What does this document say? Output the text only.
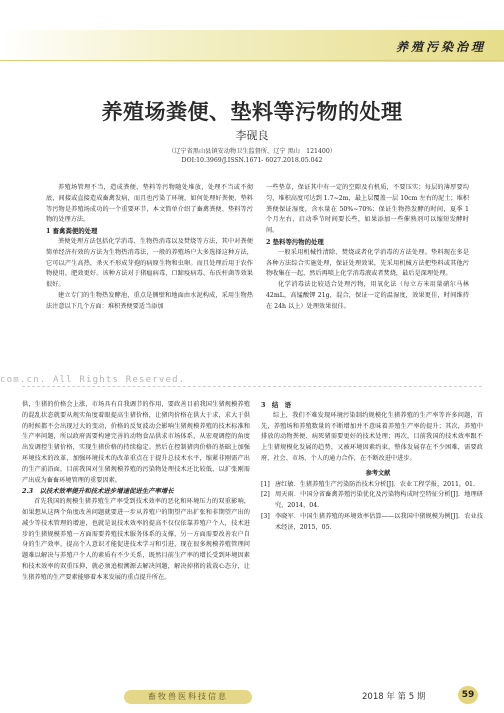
养殖污染治理
养殖场粪便、垫料等污物的处理
李砚良
（辽宁省黑山县镇安动物卫生监督所，辽宁 黑山　121400）
DOI:10.3969/J.ISSN.1671- 6027.2018.05.042

养殖场管理不当，造成粪便、垫料等污物随处堆放，处理不当或不彻底，间接或直接造成畜禽发病，而且也污染了环境，如何处理好粪便、垫料等污物是养殖场成功的一个重要环节，本文简单介绍了畜禽粪便、垫料等污物的处理方法。

1 畜禽粪便的处理

粪便处理方法包括化学消毒、生物热消毒以及焚烧等方法，其中对粪便简单经济有效的方法为生物热消毒法，一般的养殖场户大多选择这种方法，它可以产生高热，杀灭不形成芽孢的病原生物和虫卵。而且处理后用于农作物使用，肥效更好。该种方法对于猪瘟病毒、口蹄疫病毒、布氏杆菌等效果很好。

建立专门的生物热发酵池，重点是侧壁和地面由水泥构成，采用生物热法注意以下几个方面：堆积粪便要适当添加

一些垫草，保证其中有一定的空隙及有机质，不要压实；每层的薄厚要均匀，堆积高度可达到 1.7~2m，最上层覆盖一层 10cm 左右的泥土；堆积粪便保证湿度，含水量在 50%~70%；保证生物热发酵的时间，夏季 1 个月左右，启动季节时间要长些，如果添加一些催熟剂可以缩短发酵时间。

2 垫料等污物的处理

一般采用机械性清除、焚烧或者化学消毒的方法处理。垫料现在多是各种方法综合实施处理，保证处理效果，先采用机械方法把垫料或其他污物收集在一起，然后再喷上化学消毒液或者焚烧，最后是深埋处理。

化学消毒法比较适合处理污物，用氧化法（每立方米用量硝尔马林 42mL，高锰酸钾 21g，混合，保证一定的温湿度，效果更佳，时间维持在 24h 以上）处理效果很佳。

com.cn. All Rights Reserved.

供，生猪的价格会上涨，市场具有自我调节的作用，要政善目前我国生猪规模养殖的混乱状态就要从规实角度着眼提高生猪价格，让猪肉价格在供大于求，求大于供的时候都不会出现过大的变动，价格的反复波动会影响生猪规模养殖的技术标准和生产率问题，所以政府需要构建完善的动物食品供求市场体系，从宏观调控的角度出发调控生猪价格，实现生猪价格的持续稳定。然后在控制猪肉价格的基础上加强环境技术的改革，加强环境技术的改革重点在于提升总技术水平，缩紧非刚需产出的生产前沿面，目前我国对生猪规模养殖的污染物处理技术还比较低，以扩张刚需产出成为畜畜环境管理的重要因素。

2.3　以技术效率提升和技术进步增速促进生产率增长

首先我国的规模生猪养殖生产率受到技术效率的恶化和环境压力的双重影响，如果想从这两个角度改善问题就要进一步从养殖户的期望产出扩张和非期望产出的减少等技术管理的增速，也就是说技术效率的提高不仅仅依靠养殖户个人，技术进步的生猪规模养殖一方面需要养殖技术服务体系的支撑，另一方面需要改善农户自身的生产效率，提高个人意识才能促进技术学习和引进，现在很多规模养殖管理问题难以解决与养殖户个人的素质有不少关系，既然目前生产率的增长受到环境因素和技术效率的双重压抑，就必须追根溯源去解决问题，解决掉猪的栽栽心态分，让生猪养殖的生产要素能够着本来发展的重点提升所在。

3　结　语

综上，我们不难发现环境污染制约规模化生猪养殖的生产率等许多问题，首先，养殖场和养殖数量的不断增加并不意味着养殖生产率的提升；其次，养殖中排放的动物粪便、病死猪需要更好的技术处理；再次，目前我国的技术效率跟不上生猪规模化发展的趋势，又被环境因素约束，整体发展存在不少困难，需要政府、社会、市场、个人的通力合作，在不断改进中进步。

参考文献

[1] 唐红敏．生猪养殖生产污染防治技术分析[J]．农业工程学报，2011，01.

[2] 周天雨．中国分省畜禽养殖污染优化及污染物构成时空特征分析[J]．地理研究，2014，04.

[3] 李晓军．中国生猪养殖的环境效率估算——以我国中猪规模为例[J]．农业技术经济，2015，05.

畜牧兽医科技信息	2018 年 第 5 期	59
